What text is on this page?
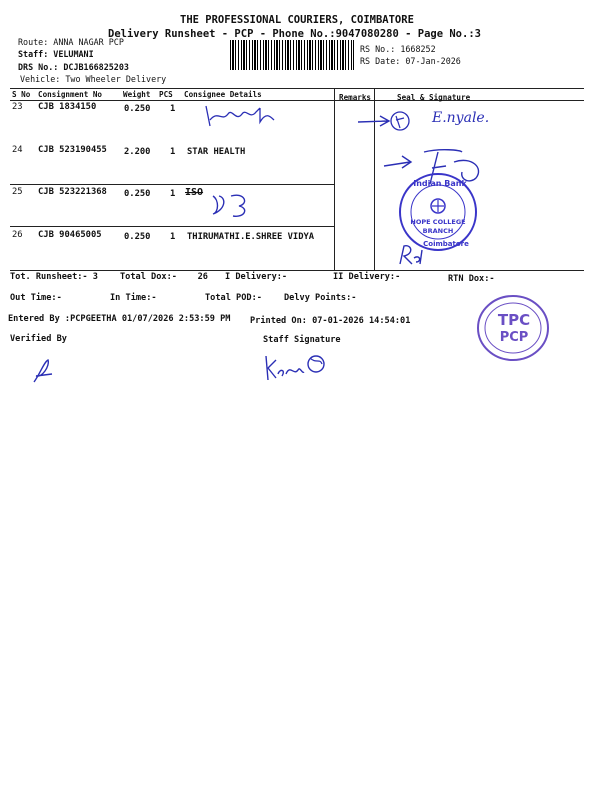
THE PROFESSIONAL COURIERS, COIMBATORE
Delivery Runsheet - PCP - Phone No.:9047080280 - Page No.:3
Route: ANNA NAGAR PCP
Staff: VELUMANI
DRS No.: DCJB166825203
Vehicle: Two Wheeler Delivery
RS No.: 1668252
RS Date: 07-Jan-2026
S No Consignment No	Weight PCS Consignee Details	Remarks	Seal & Signature
23 CJB 1834150	0.250 1
24 CJB 523190455 2.200 1 STAR HEALTH
25 CJB 523221368 0.250 1
26 CJB 90465005	0.250 1 THIRUMATHI.E.SHREE VIDYA
Tot. Runsheet:- 3	Total Dox:-    26 I Delivery:-	II Delivery:-	RTN Dox:-
Out Time:-	In Time:-	Total POD:-	Delvy Points:-
Entered By :PCPGEETHA 01/07/2026 2:53:59 PM Printed On: 07-01-2026 14:54:01
Verified By	Staff Signature
E.nyale.
ISO
Indian Bank
HOPE COLLEGE
BRANCH
Coimbatore
TPC
PCP
